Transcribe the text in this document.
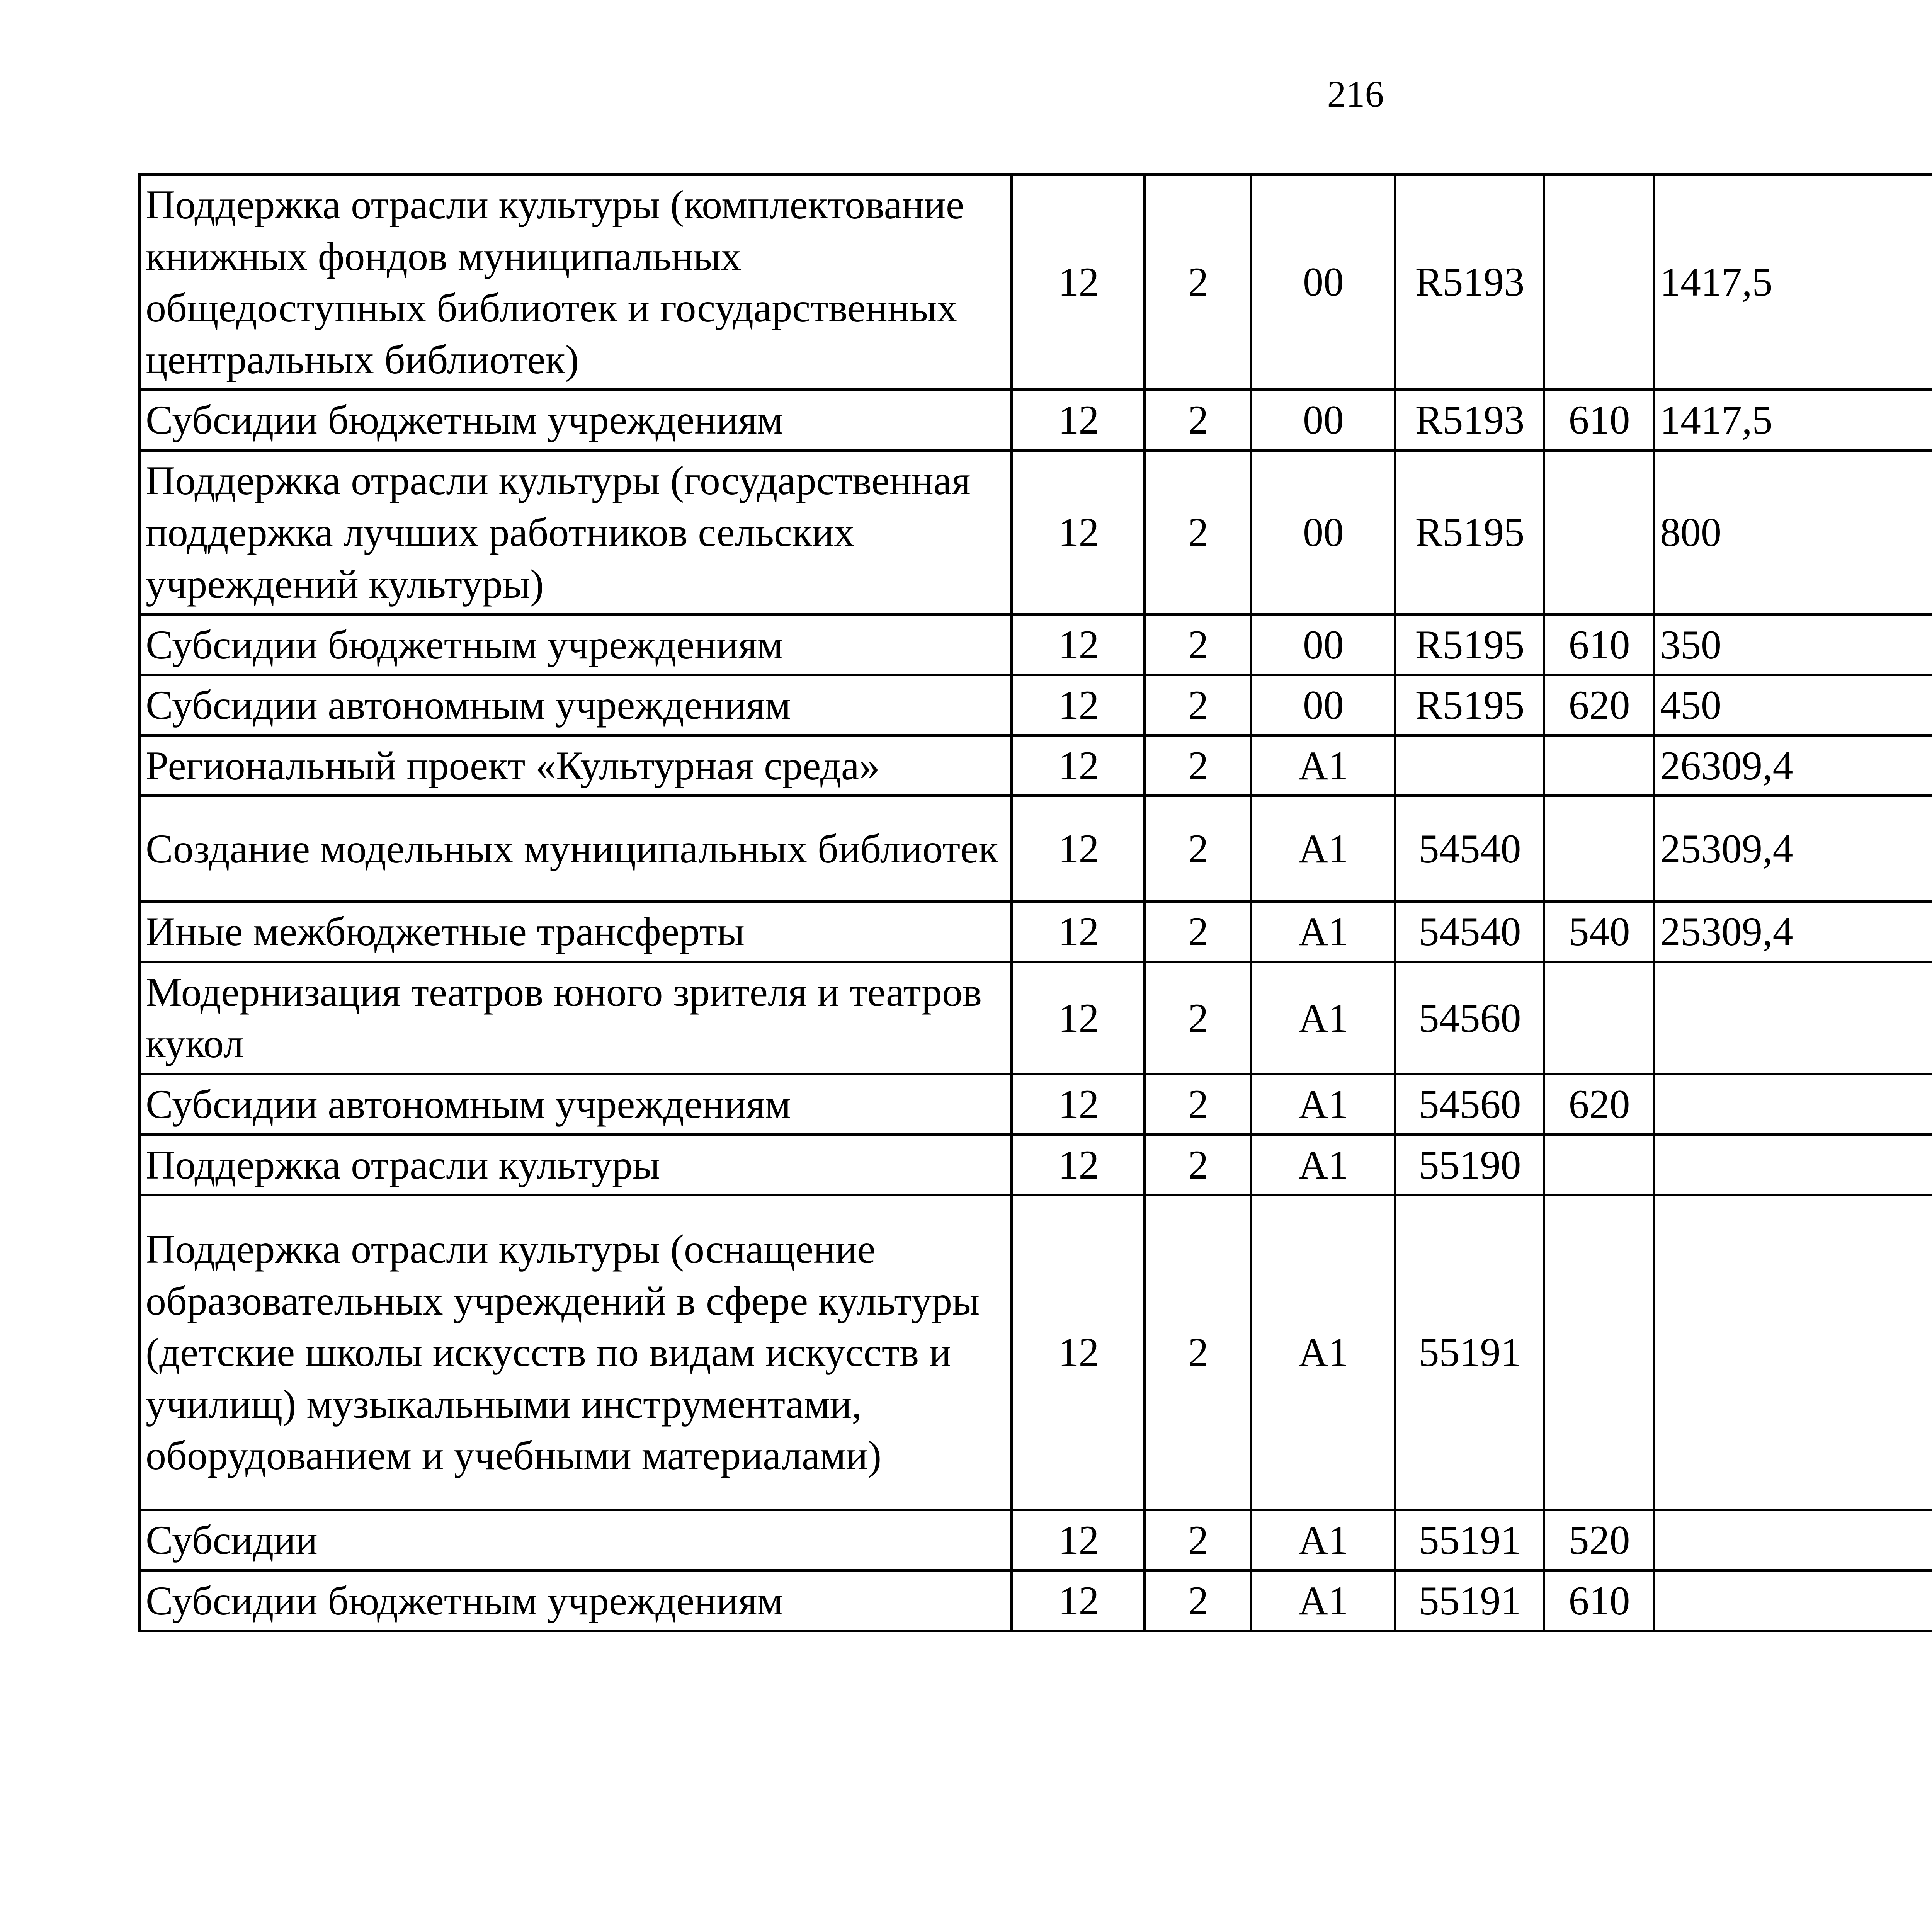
216
Поддержка отрасли культуры (комплектование книжных фондов муниципальных общедоступных библиотек и государственных центральных библиотек)	12	2	00	R5193		1417,5		
Субсидии бюджетным учреждениям	12	2	00	R5193	610	1417,5		
Поддержка отрасли культуры (государственная поддержка лучших работников сельских учреждений культуры)	12	2	00	R5195		800		
Субсидии бюджетным учреждениям	12	2	00	R5195	610	350		
Субсидии автономным учреждениям	12	2	00	R5195	620	450		
Региональный проект «Культурная среда»	12	2	A1			26309,4		
Создание модельных муниципальных библиотек	12	2	A1	54540		25309,4		
Иные межбюджетные трансферты	12	2	A1	54540	540	25309,4		
Модернизация театров юного зрителя и театров кукол	12	2	A1	54560				
Субсидии автономным учреждениям	12	2	A1	54560	620			
Поддержка отрасли культуры	12	2	A1	55190				
Поддержка отрасли культуры (оснащение образовательных учреждений в сфере культуры (детские школы искусств по видам искусств и училищ) музыкальными инструментами, оборудованием и учебными материалами)	12	2	A1	55191				
Субсидии	12	2	A1	55191	520			
Субсидии бюджетным учреждениям	12	2	A1	55191	610			
